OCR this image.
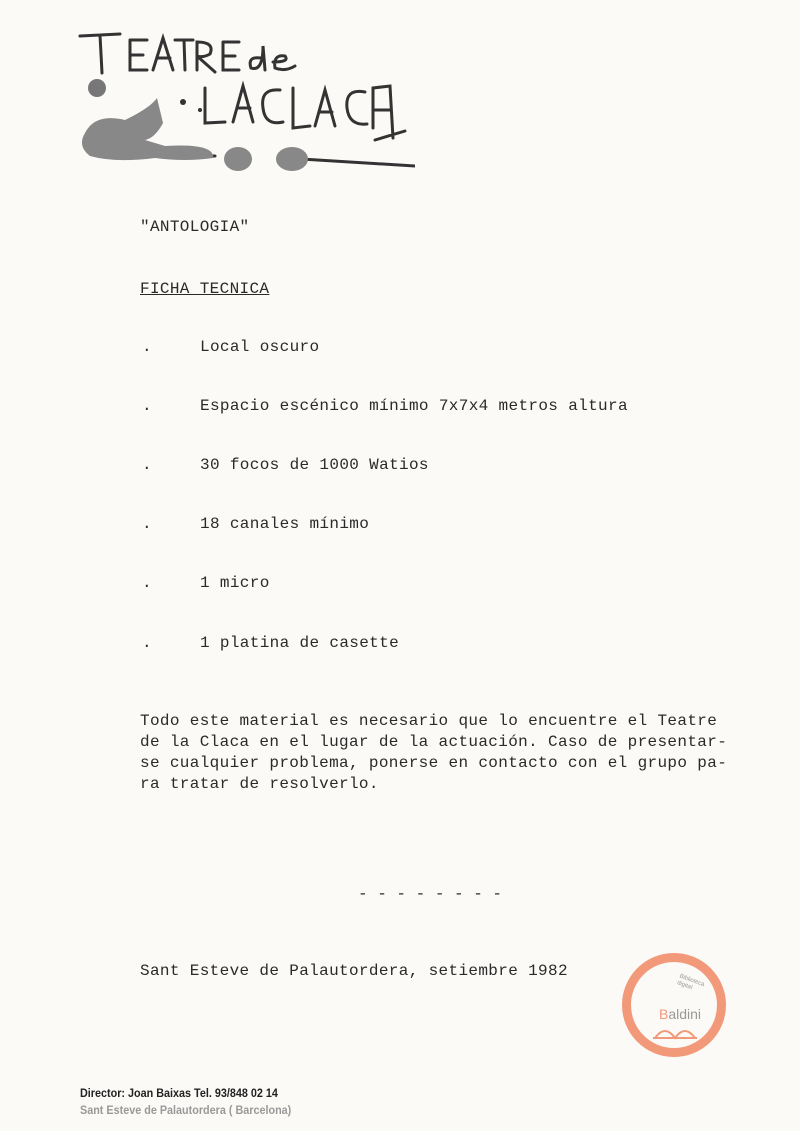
"ANTOLOGIA"
FICHA TECNICA
.	Local oscuro
.	Espacio escénico mínimo 7x7x4 metros altura
.	30 focos de 1000 Watios
.	18 canales mínimo
.	1 micro
.	1 platina de casette
Todo este material es necesario que lo encuentre el Teatre
de la Claca en el lugar de la actuación. Caso de presentar-
se cualquier problema, ponerse en contacto con el grupo pa-
ra tratar de resolverlo.
- - - - - - - -
Sant Esteve de Palautordera, setiembre 1982
Director: Joan Baixas Tel. 93/848 02 14
Sant Esteve de Palautordera ( Barcelona)
Biblioteca digital
Baldini
